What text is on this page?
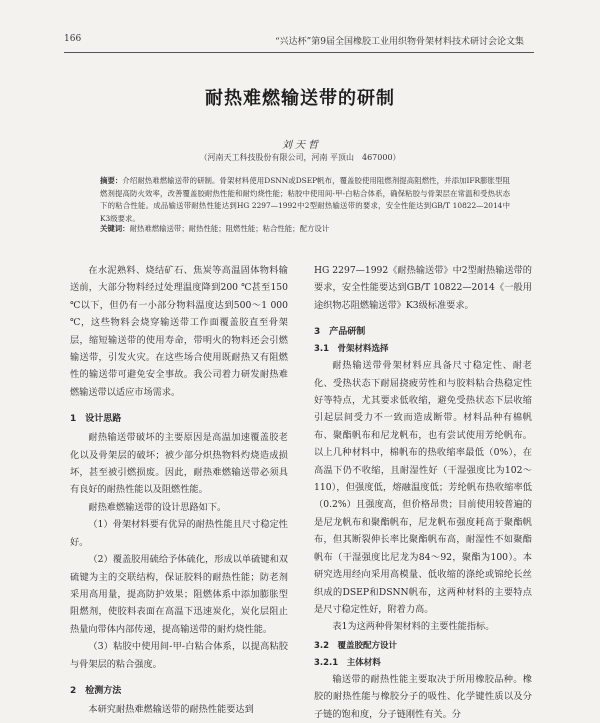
166	“兴达杯”第9届全国橡胶工业用织物骨架材料技术研讨会论文集
耐热难燃输送带的研制
刘 天 哲
（河南天工科技股份有限公司，河南 平顶山　467000）
摘要：介绍耐热难燃输送带的研制。骨架材料使用DSNN或DSEP帆布，覆盖胶使用阻燃剂提高阻燃性，并添加IFR膨胀型阻燃剂提高防火效率，改善覆盖胶耐热性能和耐灼烧性能；粘胶中使用间-甲-白粘合体系，确保粘胶与骨架层在常温和受热状态下的粘合性能。成品输送带耐热性能达到HG 2297—1992中2型耐热输送带的要求，安全性能达到GB/T 10822—2014中K3级要求。
关键词：耐热难燃输送带；耐热性能；阻燃性能；粘合性能；配方设计

在水泥熟料、烧结矿石、焦炭等高温固体物料输送前，大部分物料经过处理温度降到200 ℃甚至150 ℃以下，但仍有一小部分物料温度达到500～1 000 ℃，这些物料会烧穿输送带工作面覆盖胶直至骨架层，缩短输送带的使用寿命，带明火的物料还会引燃输送带，引发火灾。在这些场合使用既耐热又有阻燃性的输送带可避免安全事故。我公司着力研发耐热难燃输送带以适应市场需求。

1　设计思路

耐热输送带破坏的主要原因是高温加速覆盖胶老化以及骨架层的破坏；被少部分炽热物料灼烧造成损坏，甚至被引燃损废。因此，耐热难燃输送带必须具有良好的耐热性能以及阻燃性能。

耐热难燃输送带的设计思路如下。

（1）骨架材料要有优异的耐热性能且尺寸稳定性好。

（2）覆盖胶用硫给予体硫化，形成以单硫键和双硫键为主的交联结构，保证胶料的耐热性能；防老剂采用高用量，提高防护效果；阻燃体系中添加膨胀型阻燃剂，使胶料表面在高温下迅速炭化，炭化层阻止热量向带体内部传递，提高输送带的耐灼烧性能。

（3）粘胶中使用间-甲-白粘合体系，以提高粘胶与骨架层的粘合强度。

2　检测方法

本研究耐热难燃输送带的耐热性能要达到

HG 2297—1992《耐热输送带》中2型耐热输送带的要求，安全性能要达到GB/T 10822—2014《一般用途织物芯阻燃输送带》K3级标准要求。

3　产品研制
3.1　骨架材料选择

耐热输送带骨架材料应具备尺寸稳定性、耐老化、受热状态下耐屈挠疲劳性和与胶料粘合热稳定性好等特点，尤其要求低收缩，避免受热状态下层收缩引起层间受力不一致而造成断带。材料品种有棉帆布、聚酯帆布和尼龙帆布，也有尝试使用芳纶帆布。以上几种材料中，棉帆布的热收缩率最低（0%），在高温下仍不收缩，且耐湿性好（干湿强度比为102～110），但强度低，熔融温度低；芳纶帆布热收缩率低（0.2%）且强度高，但价格昂贵；目前使用较普遍的是尼龙帆布和聚酯帆布，尼龙帆布强度耗高于聚酯帆布，但其断裂伸长率比聚酯帆布高，耐湿性不如聚酯帆布（干湿强度比尼龙为84～92，聚酯为100）。本研究选用经向采用高模量、低收缩的涤纶或锦纶长丝织成的DSEP和DSNN帆布，这两种材料的主要特点是尺寸稳定性好，附着力高。

表1为这两种骨架材料的主要性能指标。

3.2　覆盖胶配方设计
3.2.1　主体材料

输送带的耐热性能主要取决于所用橡胶品种。橡胶的耐热性能与橡胶分子的吸性、化学键性质以及分子链的饱和度，分子链刚性有关。分
